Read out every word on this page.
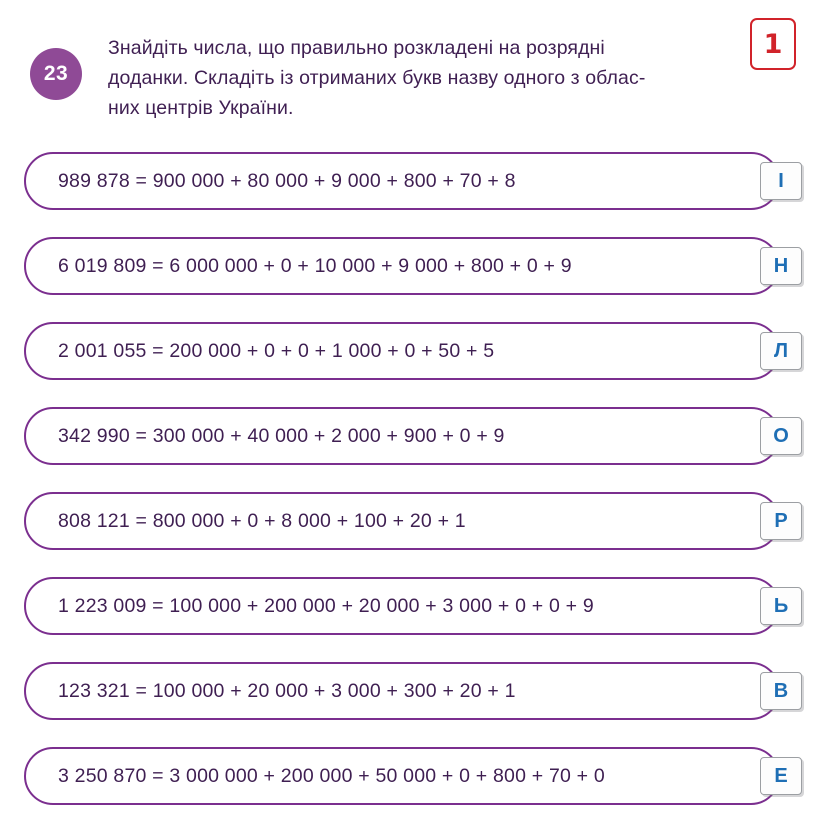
23
Знайдіть числа, що правильно розкладені на розрядні
доданки. Складіть із отриманих букв назву одного з облас-
них центрів України.
1
989 878 = 900 000 + 80 000 + 9 000 + 800 + 70 + 8	І
6 019 809 = 6 000 000 + 0 + 10 000 + 9 000 + 800 + 0 + 9	Н
2 001 055 = 200 000 + 0 + 0 + 1 000 + 0 + 50 + 5	Л
342 990 = 300 000 + 40 000 + 2 000 + 900 + 0 + 9	О
808 121 = 800 000 + 0 + 8 000 + 100 + 20 + 1	Р
1 223 009 = 100 000 + 200 000 + 20 000 + 3 000 + 0 + 0 + 9	Ь
123 321 = 100 000 + 20 000 + 3 000 + 300 + 20 + 1	В
3 250 870 = 3 000 000 + 200 000 + 50 000 + 0 + 800 + 70 + 0	Е
